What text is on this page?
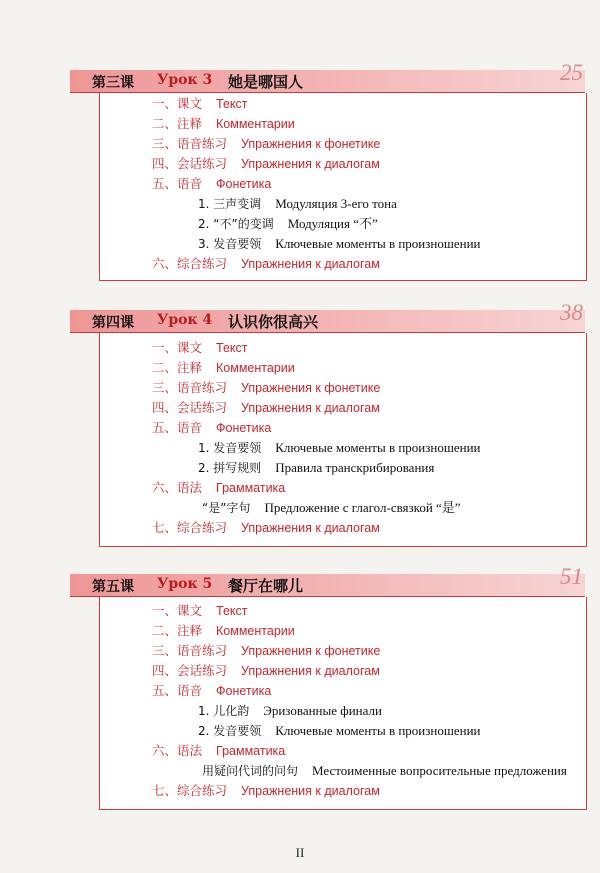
第三课 Урок 3 她是哪国人	25
一、课文 Текст
二、注释 Комментарии
三、语音练习 Упражнения к фонетике
四、会话练习 Упражнения к диалогам
五、语音 Фонетика
1. 三声变调 Модуляция 3-его тона
2. “不”的变调 Модуляция “不”
3. 发音要领 Ключевые моменты в произношении
六、综合练习 Упражнения к диалогам
第四课 Урок 4 认识你很高兴	38
一、课文 Текст
二、注释 Комментарии
三、语音练习 Упражнения к фонетике
四、会话练习 Упражнения к диалогам
五、语音 Фонетика
1. 发音要领 Ключевые моменты в произношении
2. 拼写规则 Правила транскрибирования
六、语法 Грамматика
“是”字句 Предложение с глагол-связкой “是”
七、综合练习 Упражнения к диалогам
第五课 Урок 5 餐厅在哪儿	51
一、课文 Текст
二、注释 Комментарии
三、语音练习 Упражнения к фонетике
四、会话练习 Упражнения к диалогам
五、语音 Фонетика
1. 儿化韵 Эризованные финали
2. 发音要领 Ключевые моменты в произношении
六、语法 Грамматика
用疑问代词的问句 Местоименные вопросительные предложения
七、综合练习 Упражнения к диалогам
II
